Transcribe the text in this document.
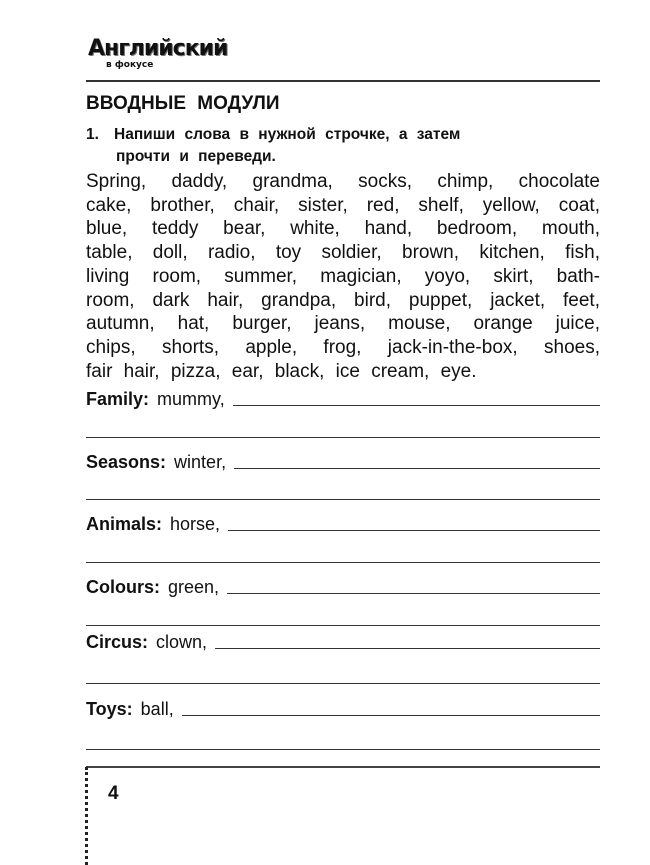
Английский
в фокусе
ВВОДНЫЕ МОДУЛИ
1. Напиши слова в нужной строчке, а затем
прочти и переведи.
Spring, daddy, grandma, socks, chimp, chocolate
cake, brother, chair, sister, red, shelf, yellow, coat,
blue, teddy bear, white, hand, bedroom, mouth,
table, doll, radio, toy soldier, brown, kitchen, fish,
living room, summer, magician, yoyo, skirt, bath-
room, dark hair, grandpa, bird, puppet, jacket, feet,
autumn, hat, burger, jeans, mouse, orange juice,
chips, shorts, apple, frog, jack-in-the-box, shoes,
fair hair, pizza, ear, black, ice cream, eye.
Family: mummy,
Seasons: winter,
Animals: horse,
Colours: green,
Circus: clown,
Toys: ball,
4
